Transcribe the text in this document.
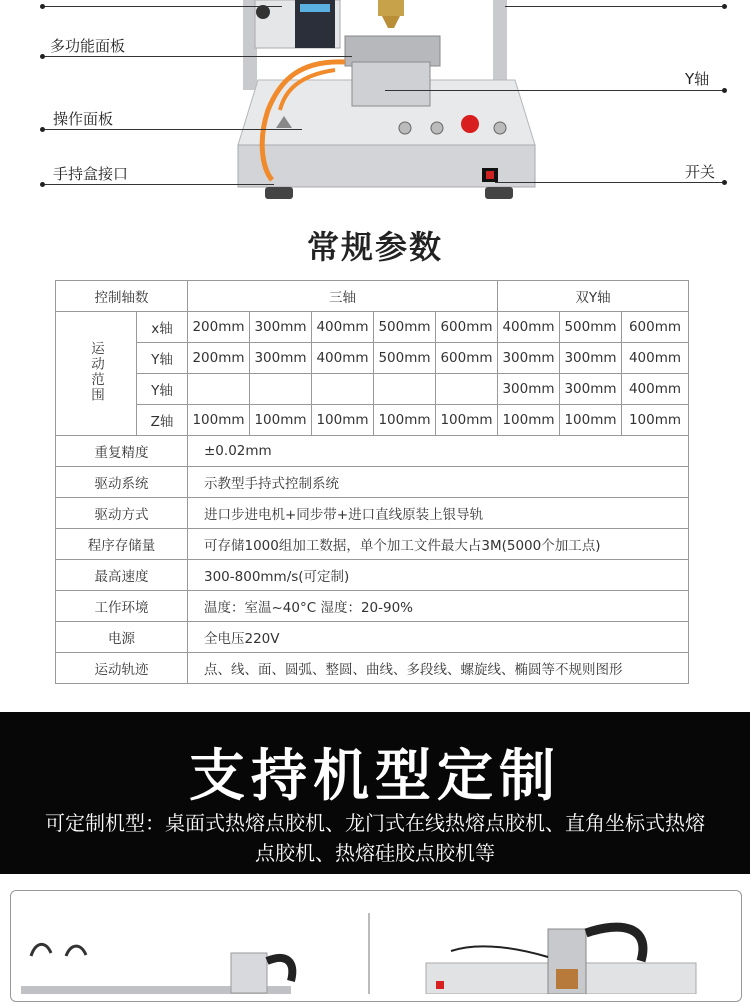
多功能面板
操作面板
手持盒接口
Y轴
开关
常规参数
控制轴数		三轴					双Y轴		
运动范围	x轴	200mm	300mm	400mm	500mm	600mm	400mm	500mm	600mm
	Y轴	200mm	300mm	400mm	500mm	600mm	300mm	300mm	400mm
	Y轴						300mm	300mm	400mm
	Z轴	100mm	100mm	100mm	100mm	100mm	100mm	100mm	100mm
重复精度		±0.02mm							
驱动系统		示教型手持式控制系统							
驱动方式		进口步进电机+同步带+进口直线原装上银导轨							
程序存储量		可存储1000组加工数据，单个加工文件最大占3M(5000个加工点)							
最高速度		300-800mm/s(可定制)							
工作环境		温度：室温~40°C 湿度：20-90%							
电源		全电压220V							
运动轨迹		点、线、面、圆弧、整圆、曲线、多段线、螺旋线、椭圆等不规则图形							
支持机型定制
可定制机型：桌面式热熔点胶机、龙门式在线热熔点胶机、直角坐标式热熔点胶机、热熔硅胶点胶机等
